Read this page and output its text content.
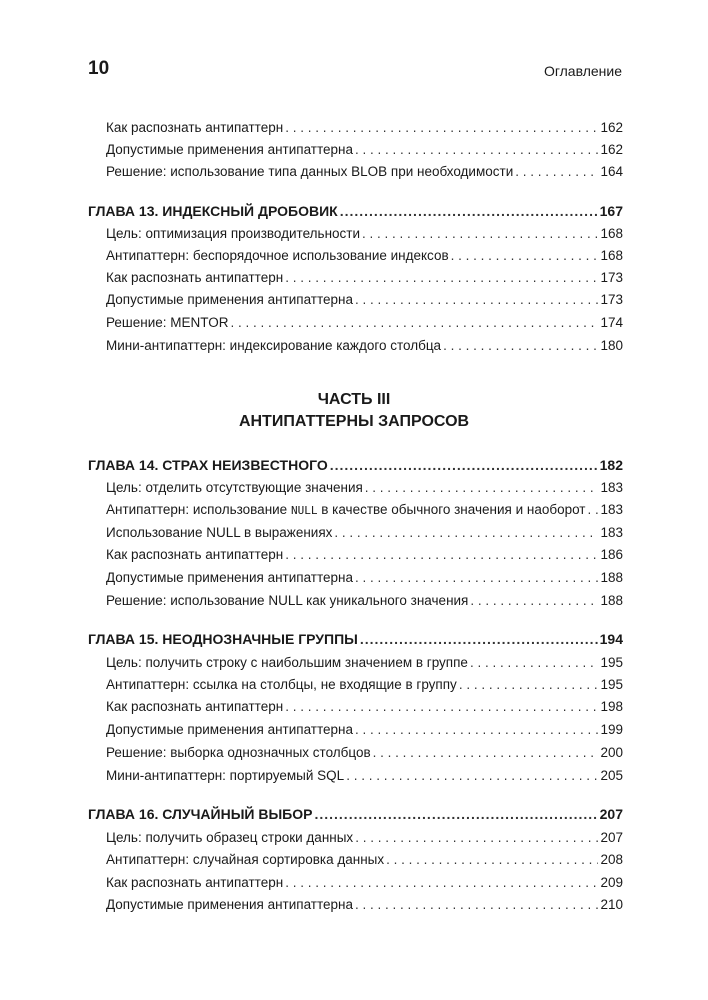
10	Оглавление
Как распознать антипаттерн . . .	162
Допустимые применения антипаттерна . . .	162
Решение: использование типа данных BLOB при необходимости . . .	164
ГЛАВА 13. ИНДЕКСНЫЙ ДРОБОВИК .....	167
Цель: оптимизация производительности . . .	168
Антипаттерн: беспорядочное использование индексов . . .	168
Как распознать антипаттерн . . .	173
Допустимые применения антипаттерна . . .	173
Решение: MENTOR . . .	174
Мини-антипаттерн: индексирование каждого столбца . . .	180
ЧАСТЬ III
АНТИПАТТЕРНЫ ЗАПРОСОВ
ГЛАВА 14. СТРАХ НЕИЗВЕСТНОГО .....	182
Цель: отделить отсутствующие значения . . .	183
Антипаттерн: использование NULL в качестве обычного значения и наоборот . . . 183
Использование NULL в выражениях . . .	183
Как распознать антипаттерн . . .	186
Допустимые применения антипаттерна . . .	188
Решение: использование NULL как уникального значения . . .	188
ГЛАВА 15. НЕОДНОЗНАЧНЫЕ ГРУППЫ .....	194
Цель: получить строку с наибольшим значением в группе . . .	195
Антипаттерн: ссылка на столбцы, не входящие в группу . . .	195
Как распознать антипаттерн . . .	198
Допустимые применения антипаттерна . . .	199
Решение: выборка однозначных столбцов . . .	200
Мини-антипаттерн: портируемый SQL . . .	205
ГЛАВА 16. СЛУЧАЙНЫЙ ВЫБОР .....	207
Цель: получить образец строки данных . . .	207
Антипаттерн: случайная сортировка данных . . .	208
Как распознать антипаттерн . . .	209
Допустимые применения антипаттерна . . .	210
